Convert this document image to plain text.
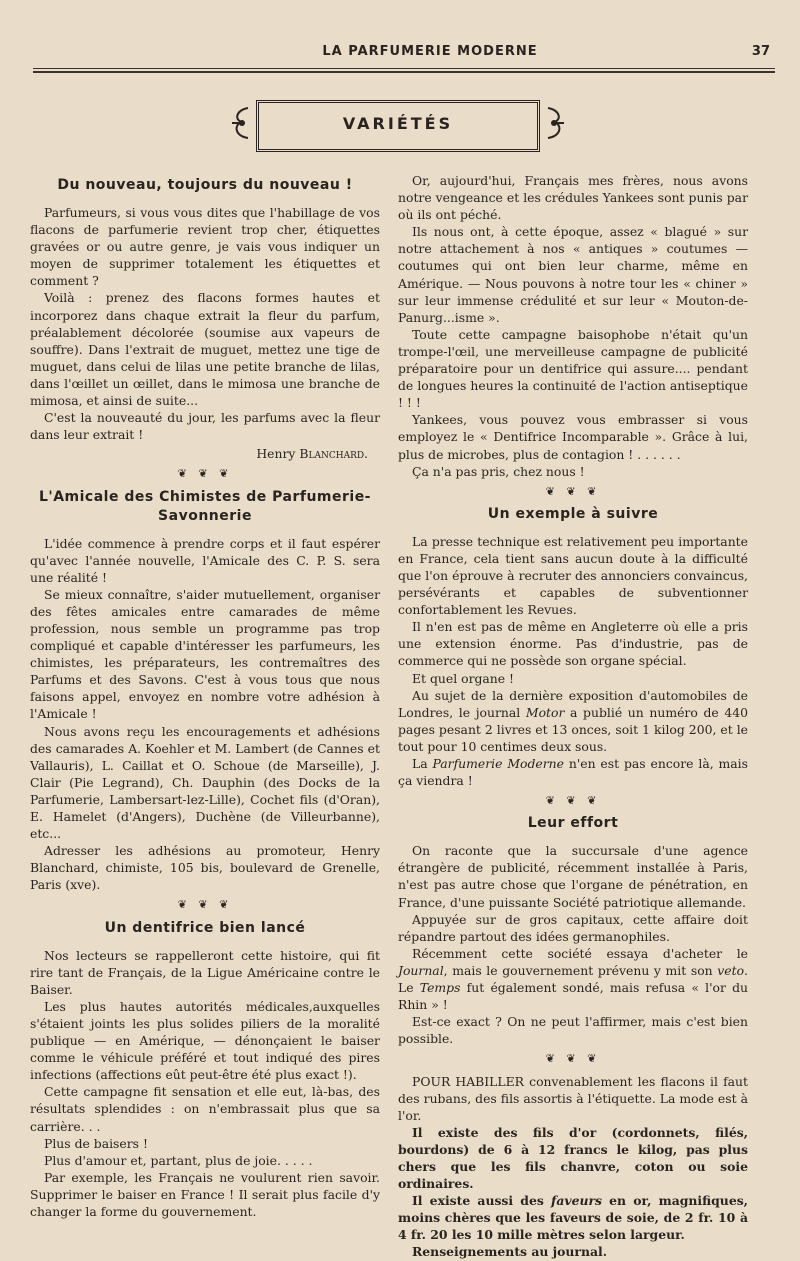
LA PARFUMERIE MODERNE	37
VARIÉTÉS
Du nouveau, toujours du nouveau !

Parfumeurs, si vous vous dites que l'habillage de vos flacons de parfumerie revient trop cher, étiquettes gravées or ou autre genre, je vais vous indiquer un moyen de supprimer totalement les étiquettes et comment ?

Voilà : prenez des flacons formes hautes et incorporez dans chaque extrait la fleur du parfum, préalablement décolorée (soumise aux vapeurs de souffre). Dans l'extrait de muguet, mettez une tige de muguet, dans celui de lilas une petite branche de lilas, dans l'œillet un œillet, dans le mimosa une branche de mimosa, et ainsi de suite...

C'est la nouveauté du jour, les parfums avec la fleur dans leur extrait !

Henry Blanchard.
❦ ❦ ❦
L'Amicale des Chimistes de Parfumerie-Savonnerie

L'idée commence à prendre corps et il faut espérer qu'avec l'année nouvelle, l'Amicale des C. P. S. sera une réalité !

Se mieux connaître, s'aider mutuellement, organiser des fêtes amicales entre camarades de même profession, nous semble un programme pas trop compliqué et capable d'intéresser les parfumeurs, les chimistes, les préparateurs, les contremaîtres des Parfums et des Savons. C'est à vous tous que nous faisons appel, envoyez en nombre votre adhésion à l'Amicale !

Nous avons reçu les encouragements et adhésions des camarades A. Koehler et M. Lambert (de Cannes et Vallauris), L. Caillat et O. Schoue (de Marseille), J. Clair (Pie Legrand), Ch. Dauphin (des Docks de la Parfumerie, Lambersart-lez-Lille), Cochet fils (d'Oran), E. Hamelet (d'Angers), Duchène (de Villeurbanne), etc...

Adresser les adhésions au promoteur, Henry Blanchard, chimiste, 105 bis, boulevard de Grenelle, Paris (xve).

❦ ❦ ❦
Un dentifrice bien lancé

Nos lecteurs se rappelleront cette histoire, qui fit rire tant de Français, de la Ligue Américaine contre le Baiser.

Les plus hautes autorités médicales,auxquelles s'étaient joints les plus solides piliers de la moralité publique — en Amérique, — dénonçaient le baiser comme le véhicule préféré et tout indiqué des pires infections (affections eût peut-être été plus exact !).

Cette campagne fit sensation et elle eut, là-bas, des résultats splendides : on n'embrassait plus que sa carrière. . .

Plus de baisers !

Plus d'amour et, partant, plus de joie. . . . .

Par exemple, les Français ne voulurent rien savoir. Supprimer le baiser en France ! Il serait plus facile d'y changer la forme du gouvernement.

Or, aujourd'hui, Français mes frères, nous avons notre vengeance et les crédules Yankees sont punis par où ils ont péché.

Ils nous ont, à cette époque, assez « blagué » sur notre attachement à nos « antiques » coutumes — coutumes qui ont bien leur charme, même en Amérique. — Nous pouvons à notre tour les « chiner » sur leur immense crédulité et sur leur « Mouton-de-Panurg...isme ».

Toute cette campagne baisophobe n'était qu'un trompe-l'œil, une merveilleuse campagne de publicité préparatoire pour un dentifrice qui assure.... pendant de longues heures la continuité de l'action antiseptique ! ! !

Yankees, vous pouvez vous embrasser si vous employez le « Dentifrice Incomparable ». Grâce à lui, plus de microbes, plus de contagion ! . . . . . .

Ça n'a pas pris, chez nous !

❦ ❦ ❦
Un exemple à suivre

La presse technique est relativement peu importante en France, cela tient sans aucun doute à la difficulté que l'on éprouve à recruter des annonciers convaincus, persévérants et capables de subventionner confortablement les Revues.

Il n'en est pas de même en Angleterre où elle a pris une extension énorme. Pas d'industrie, pas de commerce qui ne possède son organe spécial.

Et quel organe !

Au sujet de la dernière exposition d'automobiles de Londres, le journal Motor a publié un numéro de 440 pages pesant 2 livres et 13 onces, soit 1 kilog 200, et le tout pour 10 centimes deux sous.

La Parfumerie Moderne n'en est pas encore là, mais ça viendra !

❦ ❦ ❦
Leur effort

On raconte que la succursale d'une agence étrangère de publicité, récemment installée à Paris, n'est pas autre chose que l'organe de pénétration, en France, d'une puissante Société patriotique allemande.

Appuyée sur de gros capitaux, cette affaire doit répandre partout des idées germanophiles.

Récemment cette société essaya d'acheter le Journal, mais le gouvernement prévenu y mit son veto. Le Temps fut également sondé, mais refusa « l'or du Rhin » !

Est-ce exact ? On ne peut l'affirmer, mais c'est bien possible.

❦ ❦ ❦

POUR HABILLER convenablement les flacons il faut des rubans, des fils assortis à l'étiquette. La mode est à l'or.

Il existe des fils d'or (cordonnets, filés, bourdons) de 6 à 12 francs le kilog, pas plus chers que les fils chanvre, coton ou soie ordinaires.

Il existe aussi des faveurs en or, magnifiques, moins chères que les faveurs de soie, de 2 fr. 10 à 4 fr. 20 les 10 mille mètres selon largeur.

Renseignements au journal.
